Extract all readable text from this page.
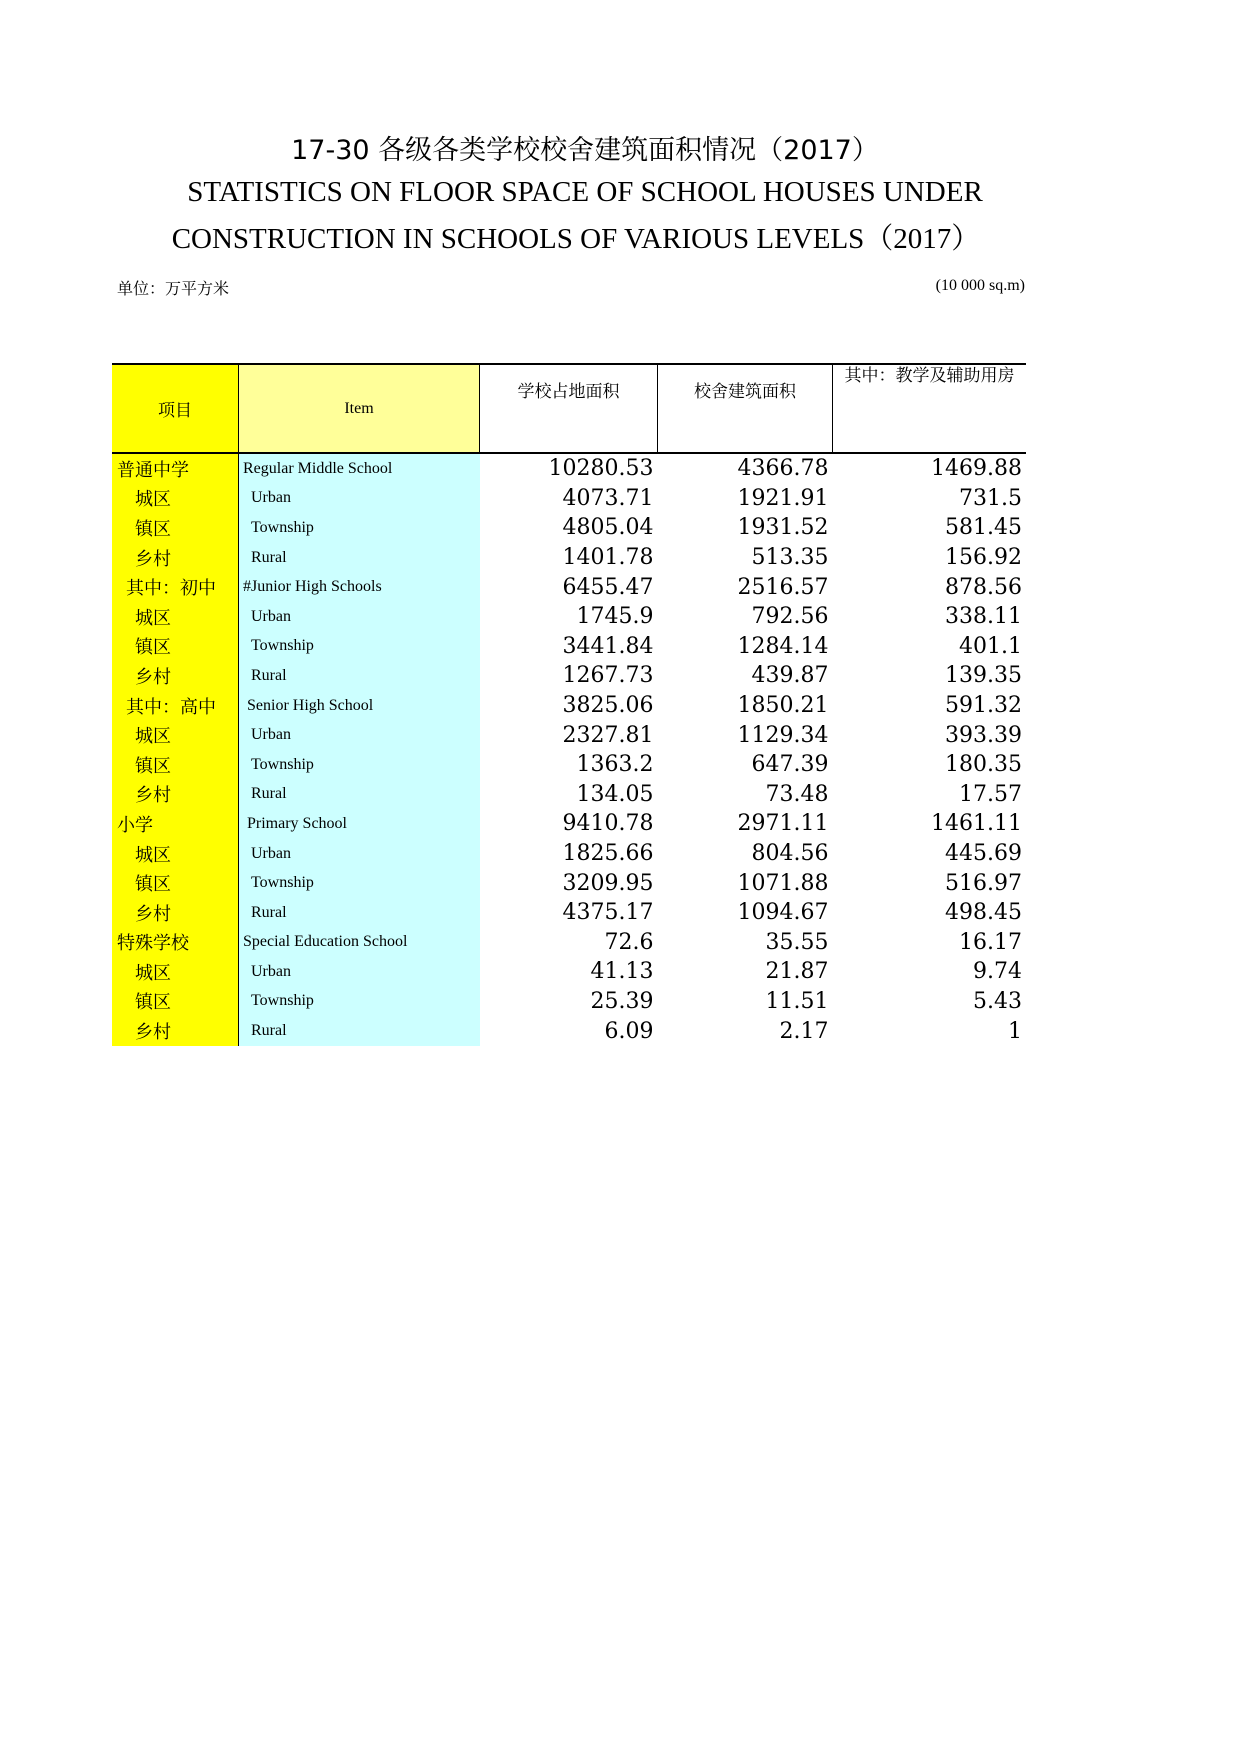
17-30 各级各类学校校舍建筑面积情况（2017）
STATISTICS ON FLOOR SPACE OF SCHOOL HOUSES UNDER
CONSTRUCTION IN SCHOOLS OF VARIOUS LEVELS（2017）
单位：万平方米	(10 000 sq.m)
项目	Item	学校占地面积	校舍建筑面积	其中：教学及辅助用房
普通中学	Regular Middle School	10280.53	4366.78	1469.88
城区	Urban	4073.71	1921.91	731.5
镇区	Township	4805.04	1931.52	581.45
乡村	Rural	1401.78	513.35	156.92
其中：初中	#Junior High Schools	6455.47	2516.57	878.56
城区	Urban	1745.9	792.56	338.11
镇区	Township	3441.84	1284.14	401.1
乡村	Rural	1267.73	439.87	139.35
其中：高中	Senior High School	3825.06	1850.21	591.32
城区	Urban	2327.81	1129.34	393.39
镇区	Township	1363.2	647.39	180.35
乡村	Rural	134.05	73.48	17.57
小学	Primary School	9410.78	2971.11	1461.11
城区	Urban	1825.66	804.56	445.69
镇区	Township	3209.95	1071.88	516.97
乡村	Rural	4375.17	1094.67	498.45
特殊学校	Special Education School	72.6	35.55	16.17
城区	Urban	41.13	21.87	9.74
镇区	Township	25.39	11.51	5.43
乡村	Rural	6.09	2.17	1
